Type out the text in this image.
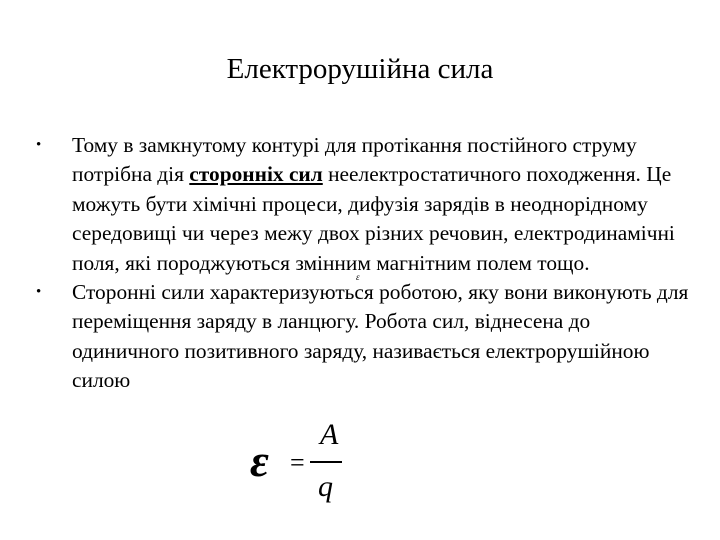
Електрорушійна сила
•	Тому в замкнутому контурі для протікання постійного струму потрібна дія сторонніх сил неелектростатичного походження. Це можуть бути хімічні процеси, дифузія зарядів в неоднорідному середовищі чи через межу двох різних речовин, електродинамічні поля, які породжуються змінним магнітним полем тощо.
•	Сторонні сили характеризуються роботою, яку вони виконують для переміщення заряду в ланцюгу. Робота сил, віднесена до одиничного позитивного заряду, називається електрорушійною силою
ε
ε =
A
q
